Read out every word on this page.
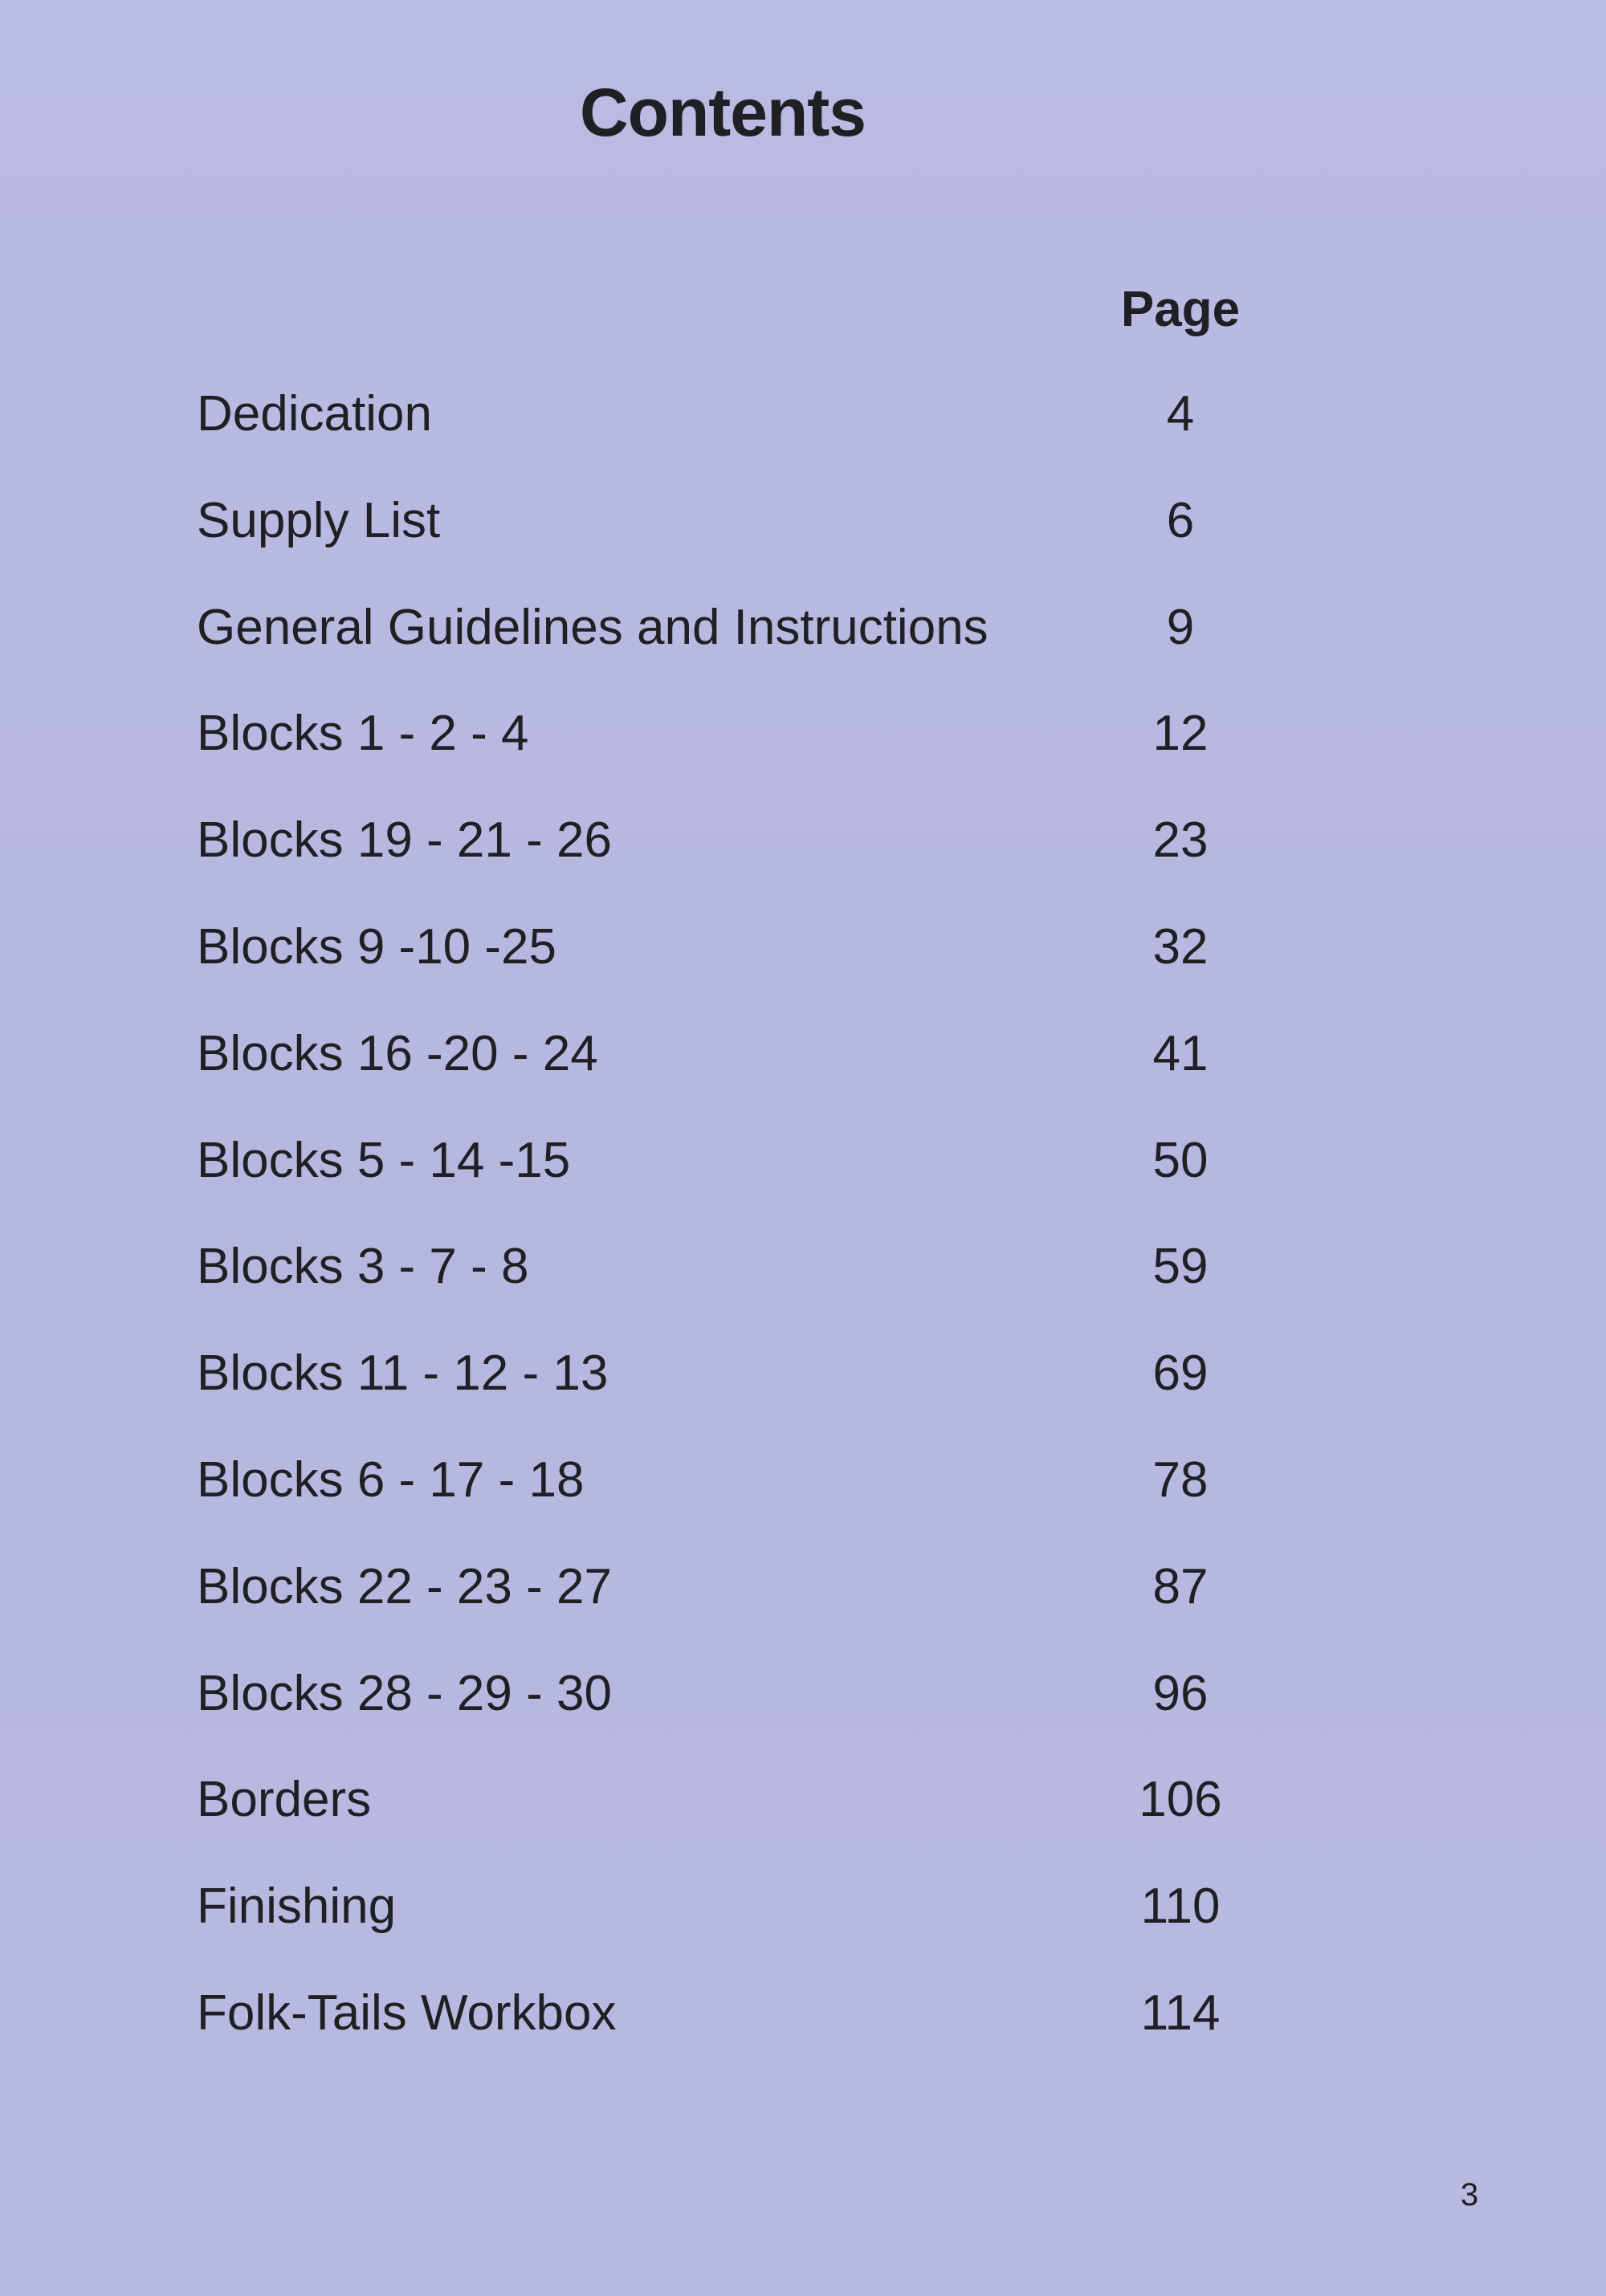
Contents
Page
Dedication	4
Supply List	6
General Guidelines and Instructions	9
Blocks 1 - 2 - 4	12
Blocks 19 - 21 - 26	23
Blocks 9 -10 -25	32
Blocks 16 -20 - 24	41
Blocks 5 - 14 -15	50
Blocks 3 - 7 - 8	59
Blocks 11 - 12 - 13	69
Blocks 6 - 17 - 18	78
Blocks 22 - 23 - 27	87
Blocks 28 - 29 - 30	96
Borders	106
Finishing	110
Folk-Tails Workbox	114
3
